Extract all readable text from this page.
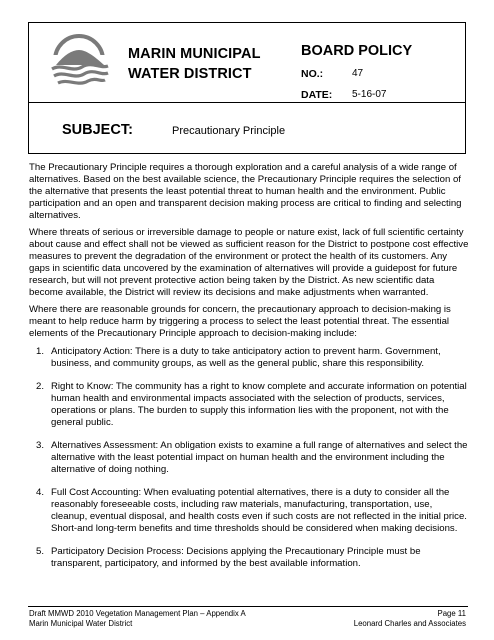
MARIN MUNICIPAL
WATER DISTRICT
BOARD POLICY
NO.:	47
DATE: 5-16-07
SUBJECT:	Precautionary Principle

The Precautionary Principle requires a thorough exploration and a careful analysis of a wide range of alternatives. Based on the best available science, the Precautionary Principle requires the selection of the alternative that presents the least potential threat to human health and the environment. Public participation and an open and transparent decision making process are critical to finding and selecting alternatives.

Where threats of serious or irreversible damage to people or nature exist, lack of full scientific certainty about cause and effect shall not be viewed as sufficient reason for the District to postpone cost effective measures to prevent the degradation of the environment or protect the health of its customers. Any gaps in scientific data uncovered by the examination of alternatives will provide a guidepost for future research, but will not prevent protective action being taken by the District. As new scientific data become available, the District will review its decisions and make adjustments when warranted.

Where there are reasonable grounds for concern, the precautionary approach to decision-making is meant to help reduce harm by triggering a process to select the least potential threat. The essential elements of the Precautionary Principle approach to decision-making include:

1. Anticipatory Action: There is a duty to take anticipatory action to prevent harm. Government, business, and community groups, as well as the general public, share this responsibility.
2. Right to Know: The community has a right to know complete and accurate information on potential human health and environmental impacts associated with the selection of products, services, operations or plans. The burden to supply this information lies with the proponent, not with the general public.
3. Alternatives Assessment: An obligation exists to examine a full range of alternatives and select the alternative with the least potential impact on human health and the environment including the alternative of doing nothing.
4. Full Cost Accounting: When evaluating potential alternatives, there is a duty to consider all the reasonably foreseeable costs, including raw materials, manufacturing, transportation, use, cleanup, eventual disposal, and health costs even if such costs are not reflected in the initial price. Short-and long-term benefits and time thresholds should be considered when making decisions.
5. Participatory Decision Process: Decisions applying the Precautionary Principle must be transparent, participatory, and informed by the best available information.
Draft MMWD 2010 Vegetation Management Plan – Appendix A
Marin Municipal Water District
Page 11
Leonard Charles and Associates
